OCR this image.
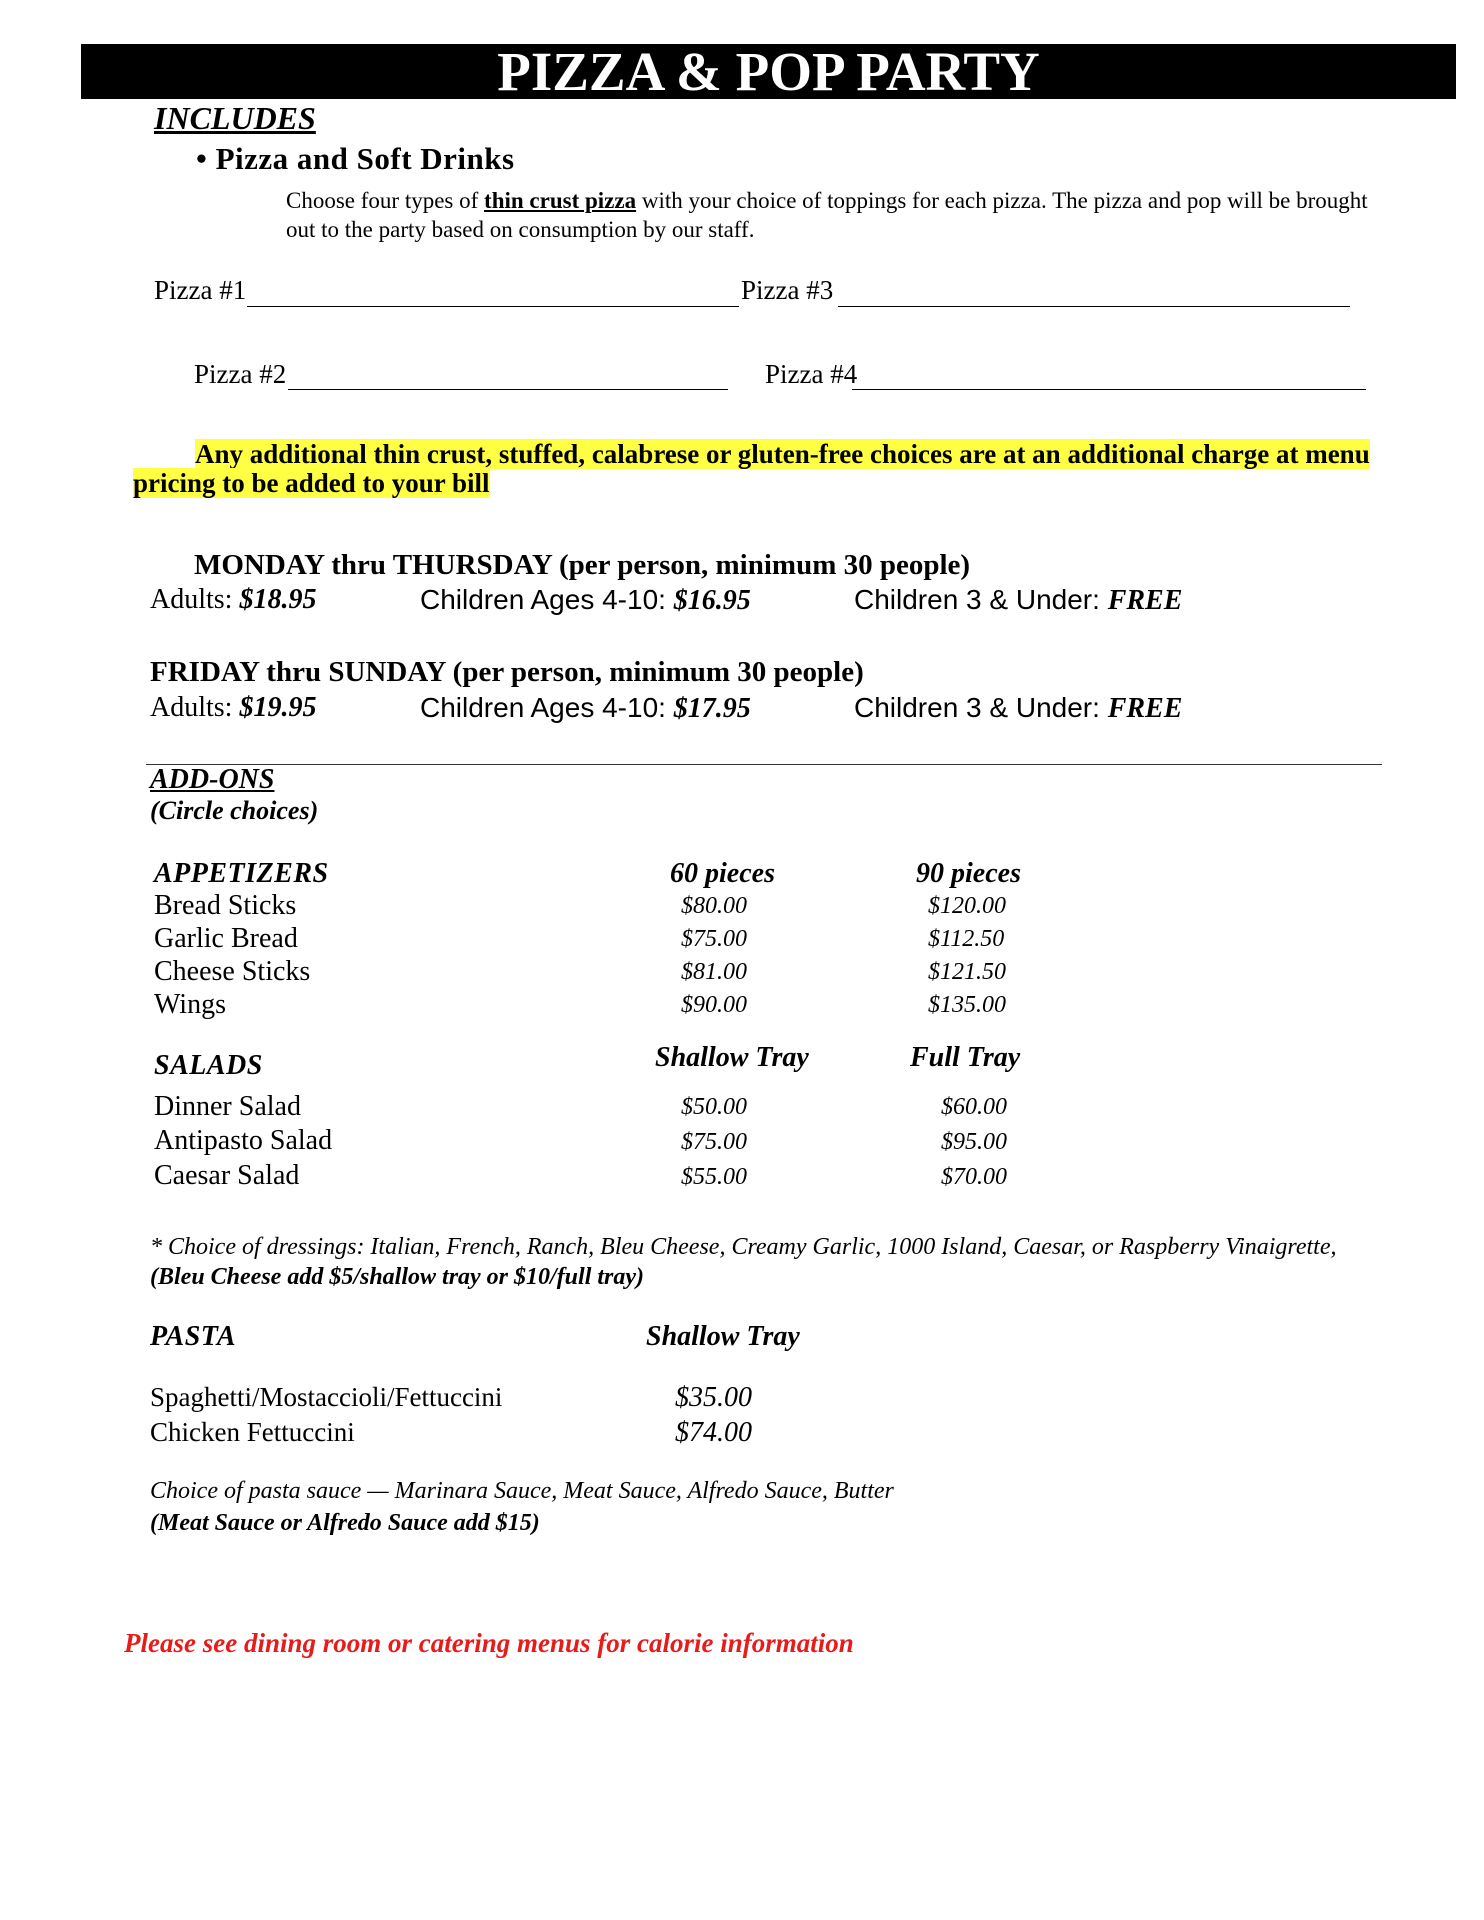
PIZZA & POP PARTY
INCLUDES
• Pizza and Soft Drinks
Choose four types of thin crust pizza with your choice of toppings for each pizza. The pizza and pop will be brought out to the party based on consumption by our staff.
Pizza #1	Pizza #3
Pizza #2	Pizza #4
Any additional thin crust, stuffed, calabrese or gluten-free choices are at an additional charge at menu pricing to be added to your bill
MONDAY thru THURSDAY (per person, minimum 30 people)
Adults: $18.95	Children Ages 4-10: $16.95	Children 3 & Under: FREE
FRIDAY thru SUNDAY (per person, minimum 30 people)
Adults: $19.95	Children Ages 4-10: $17.95	Children 3 & Under: FREE
ADD-ONS
(Circle choices)
APPETIZERS	60 pieces	90 pieces
Bread Sticks	$80.00	$120.00
Garlic Bread	$75.00	$112.50
Cheese Sticks	$81.00	$121.50
Wings	$90.00	$135.00
SALADS	Shallow Tray	Full Tray
Dinner Salad	$50.00	$60.00
Antipasto Salad	$75.00	$95.00
Caesar Salad	$55.00	$70.00
* Choice of dressings: Italian, French, Ranch, Bleu Cheese, Creamy Garlic, 1000 Island, Caesar, or Raspberry Vinaigrette, (Bleu Cheese add $5/shallow tray or $10/full tray)
PASTA	Shallow Tray
Spaghetti/Mostaccioli/Fettuccini	$35.00
Chicken Fettuccini	$74.00
Choice of pasta sauce — Marinara Sauce, Meat Sauce, Alfredo Sauce, Butter
(Meat Sauce or Alfredo Sauce add $15)
Please see dining room or catering menus for calorie information
